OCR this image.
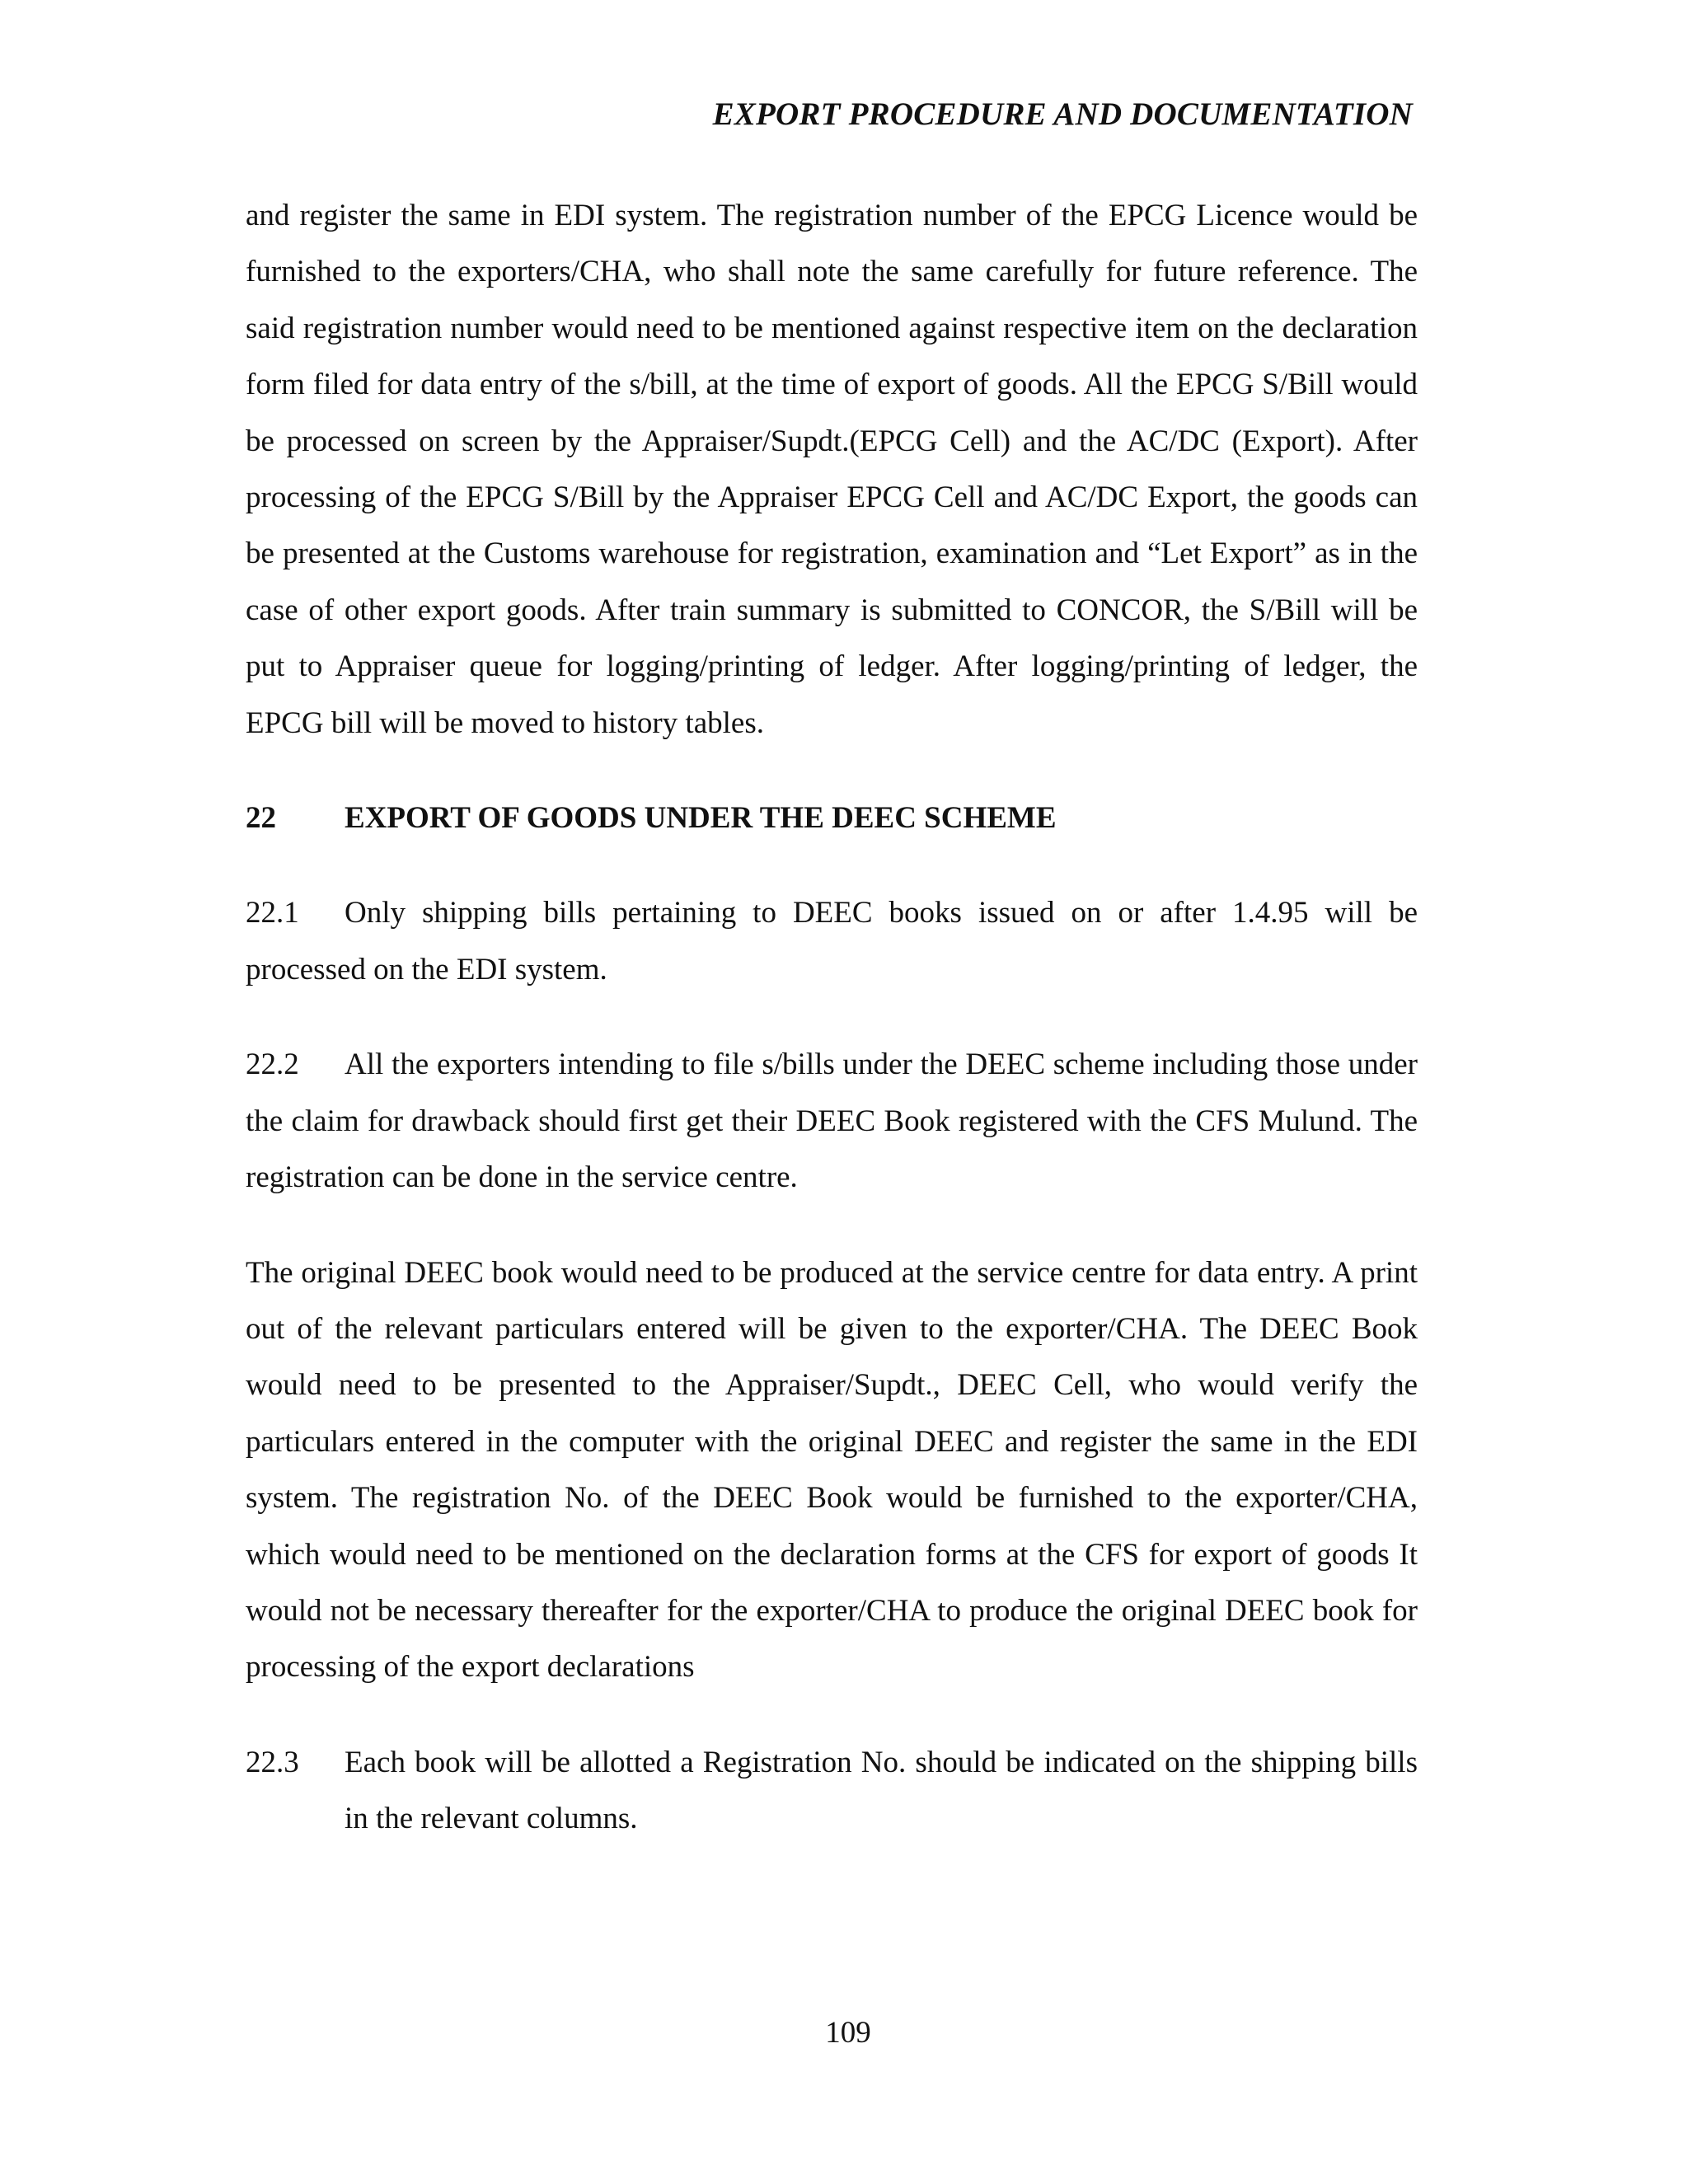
EXPORT PROCEDURE AND DOCUMENTATION

and register the same in EDI system. The registration number of the EPCG Licence would be furnished to the exporters/CHA, who shall note the same carefully for future reference. The said registration number would need to be mentioned against respective item on the declaration form filed for data entry of the s/bill, at the time of export of goods. All the EPCG S/Bill would be processed on screen by the Appraiser/Supdt.(EPCG Cell) and the AC/DC (Export). After processing of the EPCG S/Bill by the Appraiser EPCG Cell and AC/DC Export, the goods can be presented at the Customs warehouse for registration, examination and “Let Export” as in the case of other export goods. After train summary is submitted to CONCOR, the S/Bill will be put to Appraiser queue for logging/printing of ledger. After logging/printing of ledger, the EPCG bill will be moved to history tables.

22 EXPORT OF GOODS UNDER THE DEEC SCHEME

22.1 Only shipping bills pertaining to DEEC books issued on or after 1.4.95 will be processed on the EDI system.

22.2 All the exporters intending to file s/bills under the DEEC scheme including those under the claim for drawback should first get their DEEC Book registered with the CFS Mulund. The registration can be done in the service centre.

The original DEEC book would need to be produced at the service centre for data entry. A print out of the relevant particulars entered will be given to the exporter/CHA. The DEEC Book would need to be presented to the Appraiser/Supdt., DEEC Cell, who would verify the particulars entered in the computer with the original DEEC and register the same in the EDI system. The registration No. of the DEEC Book would be furnished to the exporter/CHA, which would need to be mentioned on the declaration forms at the CFS for export of goods It would not be necessary thereafter for the exporter/CHA to produce the original DEEC book for processing of the export declarations

22.3 Each book will be allotted a Registration No. should be indicated on the shipping bills in the relevant columns.

109
